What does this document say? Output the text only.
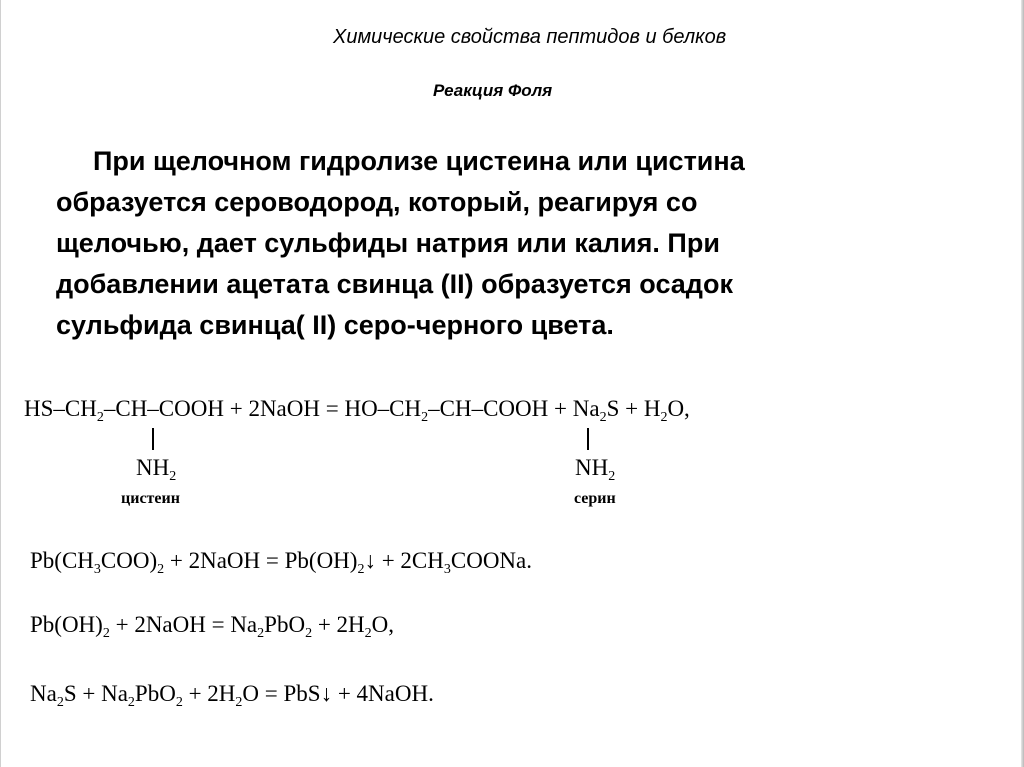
Химические свойства пептидов и белков
Реакция Фоля

При щелочном гидролизе цистеина или цистина
образуется сероводород, который, реагируя со
щелочью, дает сульфиды натрия или калия. При
добавлении ацетата свинца (II) образуется осадок
сульфида свинца( II) серо-черного цвета.

$HS-CH_2-CH$–COOH + 2NaOH = $HO-CH_2-CH$–COOH + $Na_2S + H_2O$,
$NH_2$
цистеин
$NH_2$
серин
$Pb(CH_3COO)_2$ + 2NaOH = $Pb(OH)_2↓$ + $2CH_3COONa$.
$Pb(OH)_2$ + 2NaOH = $Na_2PbO_2 + 2H_2O$,
$Na_2S + Na_2PbO_2 + 2H_2O$ = PbS↓ + 4NaOH.
